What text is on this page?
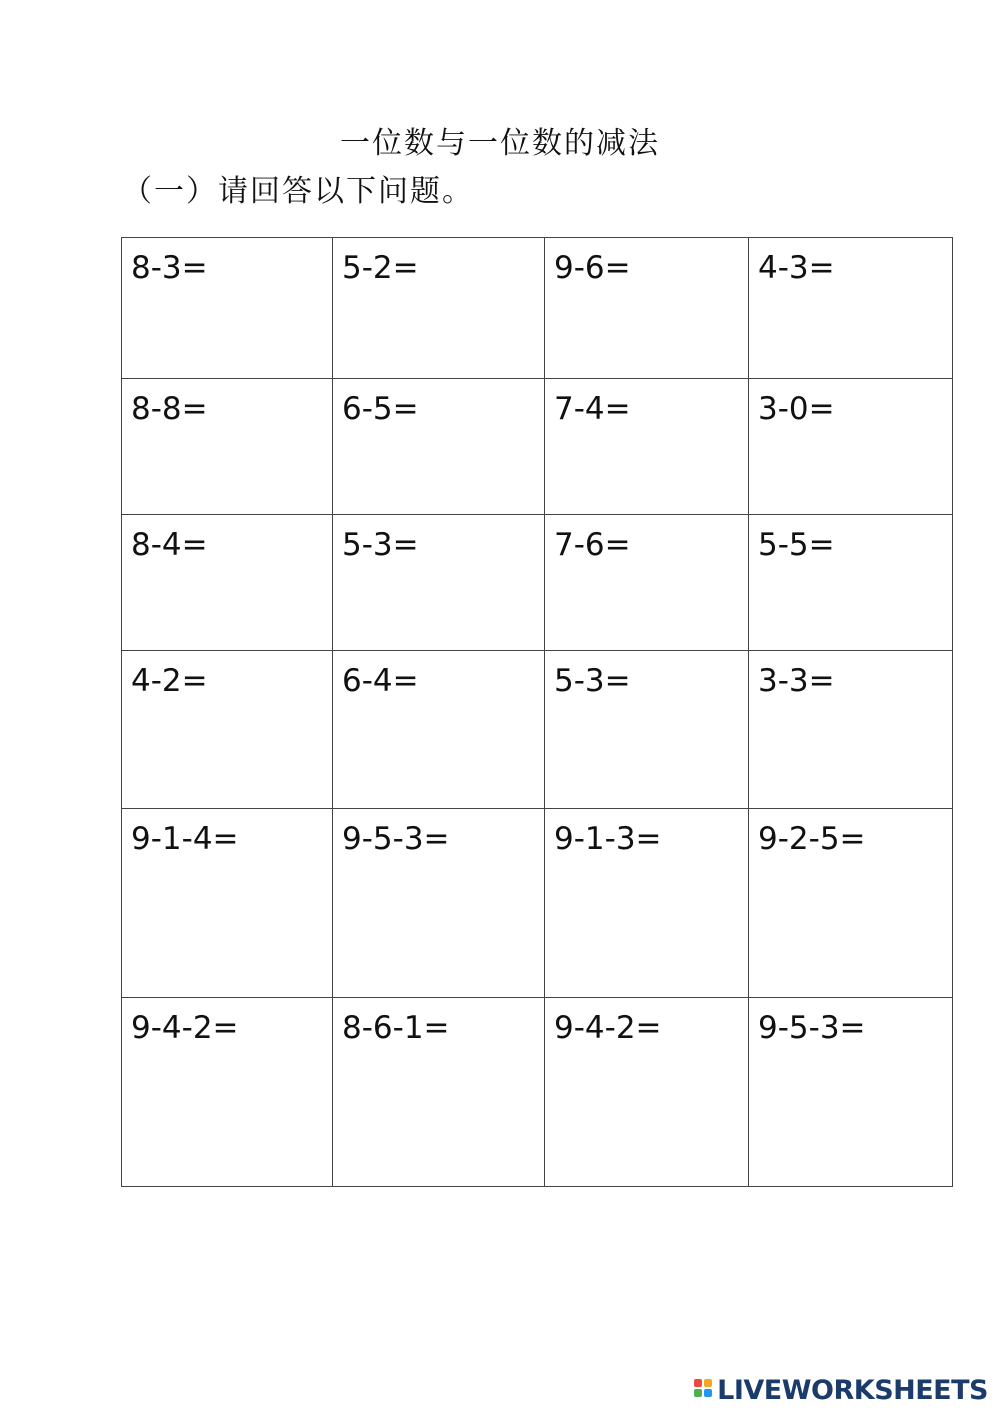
一位数与一位数的减法
（一）请回答以下问题。
8-3=	5-2=	9-6=	4-3=
8-8=	6-5=	7-4=	3-0=
8-4=	5-3=	7-6=	5-5=
4-2=	6-4=	5-3=	3-3=
9-1-4=	9-5-3=	9-1-3=	9-2-5=
9-4-2=	8-6-1=	9-4-2=	9-5-3=
LIVEWORKSHEETS
